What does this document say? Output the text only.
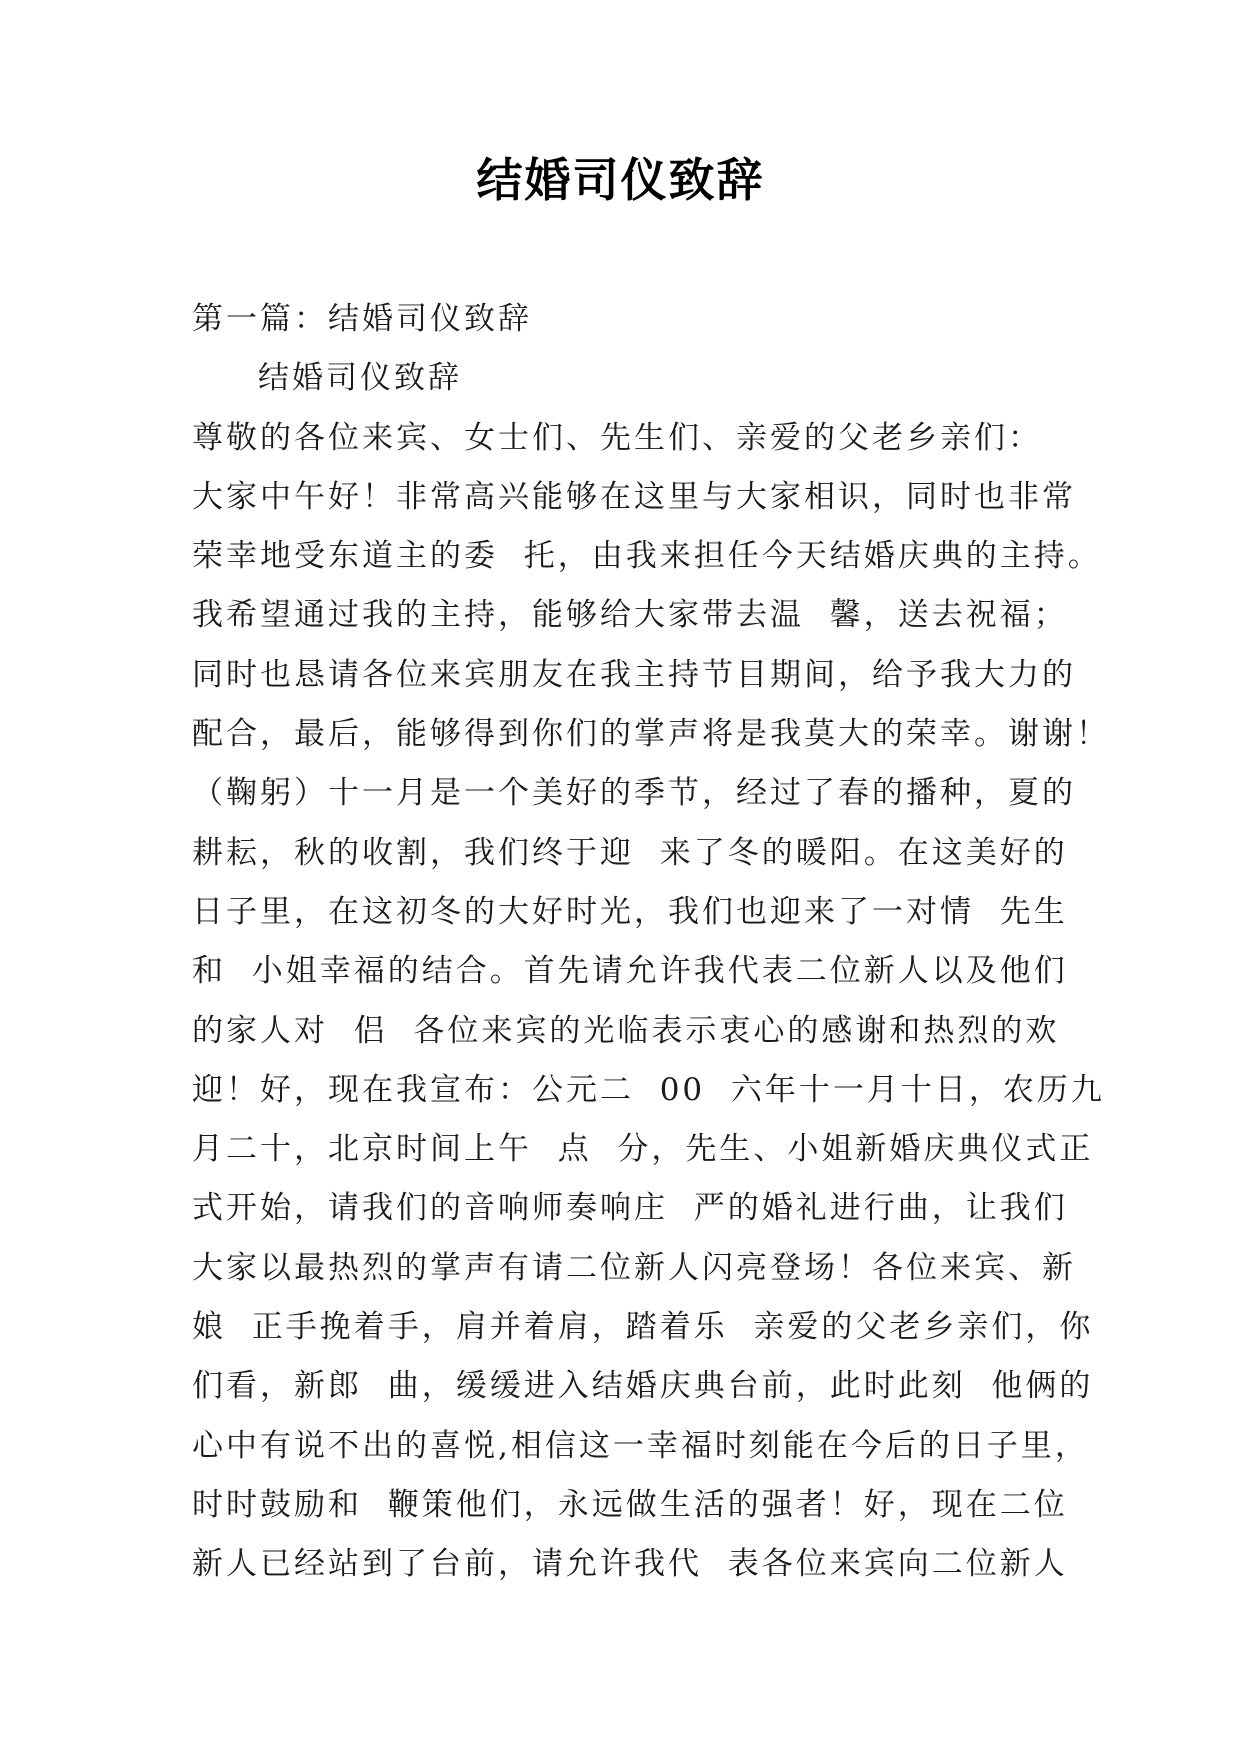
结婚司仪致辞
第一篇：结婚司仪致辞
结婚司仪致辞
尊敬的各位来宾、女士们、先生们、亲爱的父老乡亲们：
大家中午好！非常高兴能够在这里与大家相识，同时也非常
荣幸地受东道主的委  托，由我来担任今天结婚庆典的主持。
我希望通过我的主持，能够给大家带去温  馨，送去祝福；
同时也恳请各位来宾朋友在我主持节目期间，给予我大力的
配合，最后，能够得到你们的掌声将是我莫大的荣幸。谢谢！
（鞠躬）十一月是一个美好的季节，经过了春的播种，夏的
耕耘，秋的收割，我们终于迎  来了冬的暖阳。在这美好的
日子里，在这初冬的大好时光，我们也迎来了一对情  先生
和  小姐幸福的结合。首先请允许我代表二位新人以及他们
的家人对  侣  各位来宾的光临表示衷心的感谢和热烈的欢
迎！好，现在我宣布：公元二  00  六年十一月十日，农历九
月二十，北京时间上午  点  分，先生、小姐新婚庆典仪式正
式开始，请我们的音响师奏响庄  严的婚礼进行曲，让我们
大家以最热烈的掌声有请二位新人闪亮登场！各位来宾、新
娘  正手挽着手，肩并着肩，踏着乐  亲爱的父老乡亲们，你
们看，新郎  曲，缓缓进入结婚庆典台前，此时此刻  他俩的
心中有说不出的喜悦,相信这一幸福时刻能在今后的日子里，
时时鼓励和  鞭策他们，永远做生活的强者！好，现在二位
新人已经站到了台前，请允许我代  表各位来宾向二位新人
